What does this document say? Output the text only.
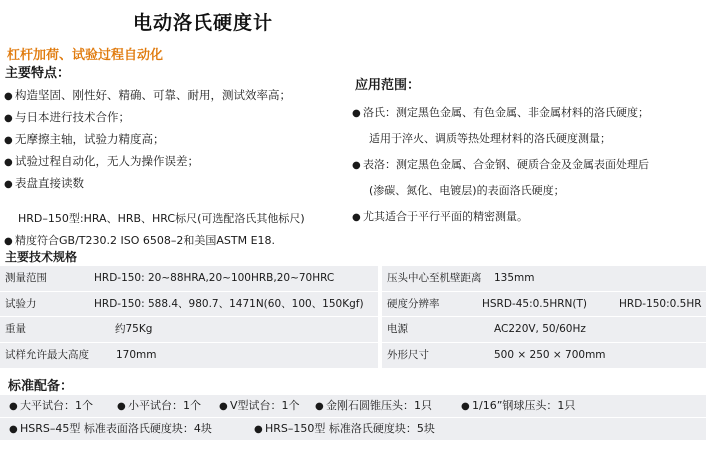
电动洛氏硬度计
杠杆加荷、试验过程自动化
主要特点：
● 构造坚固、刚性好、精确、可靠、耐用，测试效率高；
● 与日本进行技术合作；
● 无摩擦主轴，试验力精度高；
● 试验过程自动化，无人为操作误差；
● 表盘直接读数
HRD–150型:HRA、HRB、HRC标尺(可选配洛氏其他标尺)
● 精度符合GB/T230.2 ISO 6508–2和美国ASTM E18.
应用范围：
● 洛氏：测定黑色金属、有色金属、非金属材料的洛氏硬度；
适用于淬火、调质等热处理材料的洛氏硬度测量；
● 表洛：测定黑色金属、合金钢、硬质合金及金属表面处理后
(渗碳、氮化、电镀层)的表面洛氏硬度；
● 尤其适合于平行平面的精密测量。
主要技术规格
测量范围	HRD-150: 20~88HRA,20~100HRB,20~70HRC
试验力	HRD-150: 588.4、980.7、1471N(60、100、150Kgf)
重量	约75Kg
试样允许最大高度	170mm
压头中心至机壁距离 135mm
硬度分辨率	HSRD-45:0.5HRN(T)	HRD-150:0.5HR
电源	AC220V, 50/60Hz
外形尺寸	500 × 250 × 700mm
标准配备：
● 大平试台：1个 ● 小平试台：1个 ● V型试台：1个 ● 金刚石圆锥压头：1只	● 1/16”钢球压头：1只
● HSRS–45型 标准表面洛氏硬度块：4块	● HRS–150型 标准洛氏硬度块：5块
